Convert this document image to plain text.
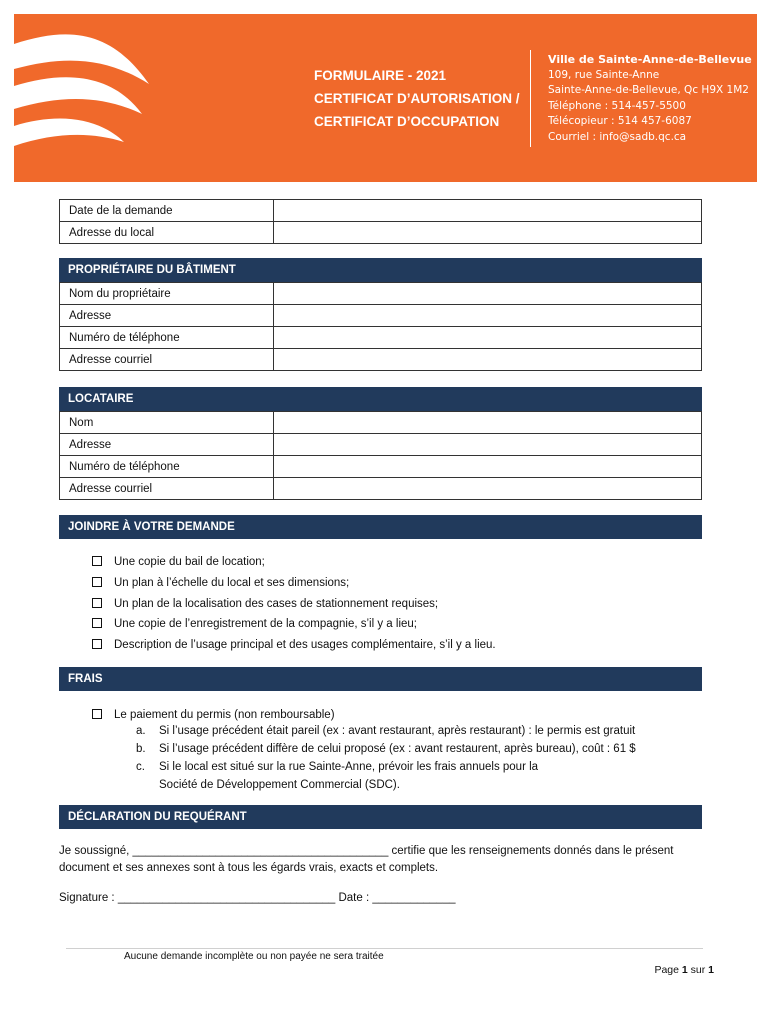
FORMULAIRE - 2021
CERTIFICAT D’AUTORISATION /
CERTIFICAT D’OCCUPATION
Ville de Sainte-Anne-de-Bellevue
109, rue Sainte-Anne
Sainte-Anne-de-Bellevue, Qc H9X 1M2
Téléphone : 514-457-5500
Télécopieur : 514 457-6087
Courriel : info@sadb.qc.ca
Date de la demande	
Adresse du local	
PROPRIÉTAIRE DU BÂTIMENT
Nom du propriétaire	
Adresse	
Numéro de téléphone	
Adresse courriel	
LOCATAIRE
Nom	
Adresse	
Numéro de téléphone	
Adresse courriel	
JOINDRE À VOTRE DEMANDE
Une copie du bail de location;
Un plan à l’échelle du local et ses dimensions;
Un plan de la localisation des cases de stationnement requises;
Une copie de l’enregistrement de la compagnie, s’il y a lieu;
Description de l’usage principal et des usages complémentaire, s’il y a lieu.
FRAIS
Le paiement du permis (non remboursable)
a.	Si l’usage précédent était pareil (ex : avant restaurant, après restaurant) : le permis est gratuit
b.	Si l’usage précédent diffère de celui proposé (ex : avant restaurent, après bureau), coût : 61 $
c.	Si le local est situé sur la rue Sainte-Anne, prévoir les frais annuels pour la Société de Développement Commercial (SDC).
DÉCLARATION DU REQUÉRANT
Je soussigné, ________________________________________ certifie que les renseignements donnés dans le présent document et ses annexes sont à tous les égards vrais, exacts et complets.
Signature : __________________________________ Date : _____________
Aucune demande incomplète ou non payée ne sera traitée
Page 1 sur 1
